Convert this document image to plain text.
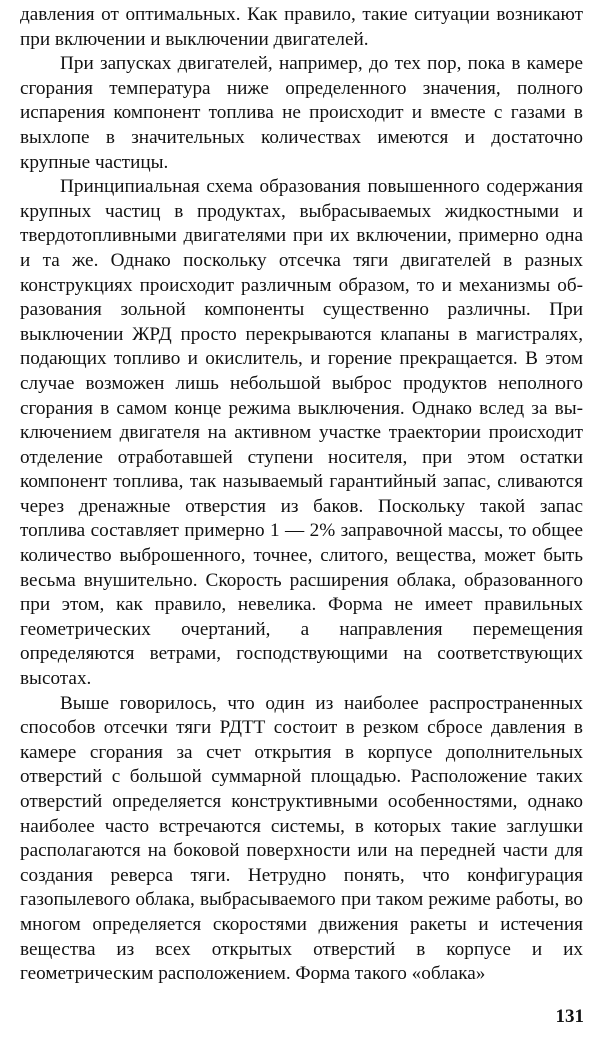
давления от оптимальных. Как правило, такие ситуации возникают при включении и выключении двигателей.

При запусках двигателей, например, до тех пор, пока в камере сгорания температура ниже определенного значения, полного испарения компонент топлива не происходит и вместе с газами в выхлопе в значительных количествах имеются и достаточно крупные частицы.

Принципиальная схема образования повышенного содержания крупных частиц в продуктах, выбрасываемых жидкостными и твердотопливными двигателями при их включении, примерно одна и та же. Однако поскольку отсечка тяги двигателей в разных конструкциях происходит различным образом, то и механизмы образования зольной компоненты существенно различны. При выключении ЖРД просто перекрываются клапаны в магистралях, подающих топливо и окислитель, и горение прекращается. В этом случае возможен лишь небольшой выброс продуктов неполного сгорания в самом конце режима выключения. Однако вслед за выключением двигателя на активном участке траектории происходит отделение отработавшей ступени носителя, при этом остатки компонент топлива, так называемый гарантийный запас, сливаются через дренажные отверстия из баков. Поскольку такой запас топлива составляет примерно 1 — 2% заправочной массы, то общее количество выброшенного, точнее, слитого, вещества, может быть весьма внушительно. Скорость расширения облака, образованного при этом, как правило, невелика. Форма не имеет правильных геометрических очертаний, а направления перемещения определяются ветрами, господствующими на соответствующих высотах.

Выше говорилось, что один из наиболее распространенных способов отсечки тяги РДТТ состоит в резком сбросе давления в камере сгорания за счет открытия в корпусе дополнительных отверстий с большой суммарной площадью. Расположение таких отверстий определяется конструктивными особенностями, однако наиболее часто встречаются системы, в которых такие заглушки располагаются на боковой поверхности или на передней части для создания реверса тяги. Нетрудно понять, что конфигурация газопылевого облака, выбрасываемого при таком режиме работы, во многом определяется скоростями движения ракеты и истечения вещества из всех открытых отверстий в корпусе и их геометрическим расположением. Форма такого «облака»

131
